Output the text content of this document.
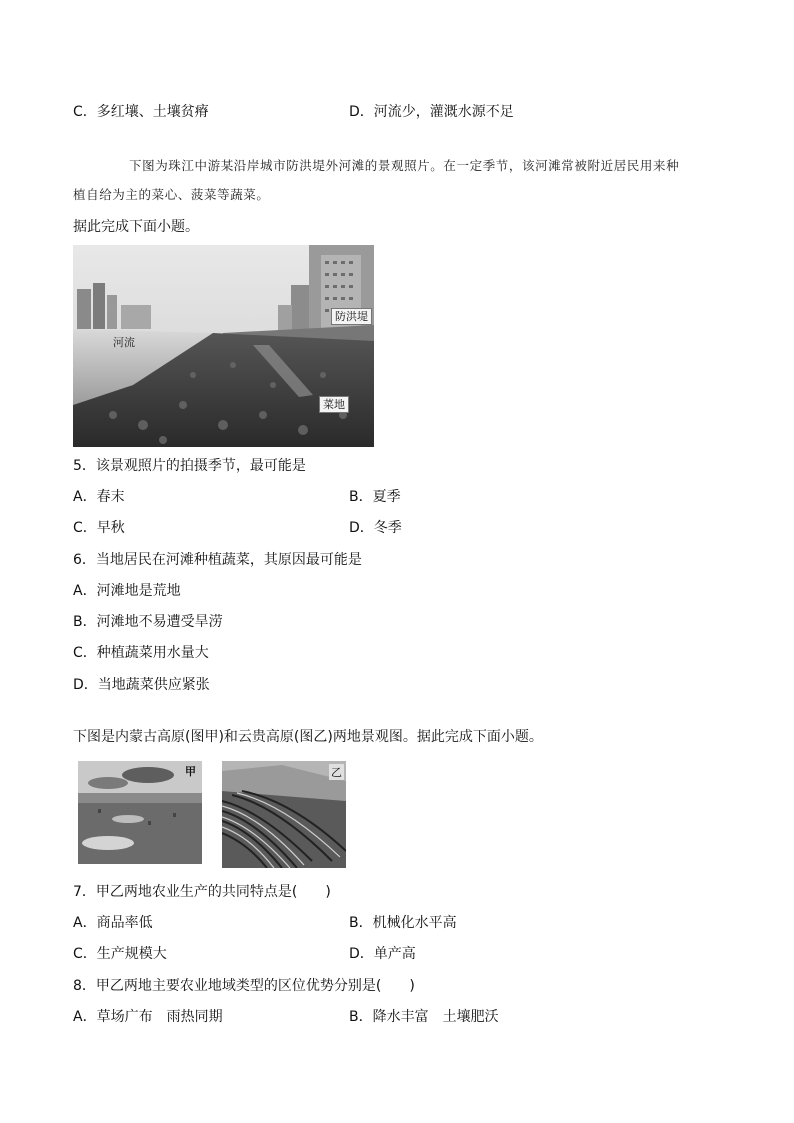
C．多红壤、土壤贫瘠	D．河流少，灌溉水源不足
下图为珠江中游某沿岸城市防洪堤外河滩的景观照片。在一定季节，该河滩常被附近居民用来种
植自给为主的菜心、菠菜等蔬菜。
据此完成下面小题。
河流
防洪堤
菜地
5．该景观照片的拍摄季节，最可能是
A．春末	B．夏季
C．早秋	D．冬季
6．当地居民在河滩种植蔬菜，其原因最可能是
A．河滩地是荒地
B．河滩地不易遭受旱涝
C．种植蔬菜用水量大
D．当地蔬菜供应紧张
下图是内蒙古高原(图甲)和云贵高原(图乙)两地景观图。据此完成下面小题。
甲	乙
7．甲乙两地农业生产的共同特点是(　　)
A．商品率低	B．机械化水平高
C．生产规模大	D．单产高
8．甲乙两地主要农业地域类型的区位优势分别是(　　)
A．草场广布　雨热同期	B．降水丰富　土壤肥沃
